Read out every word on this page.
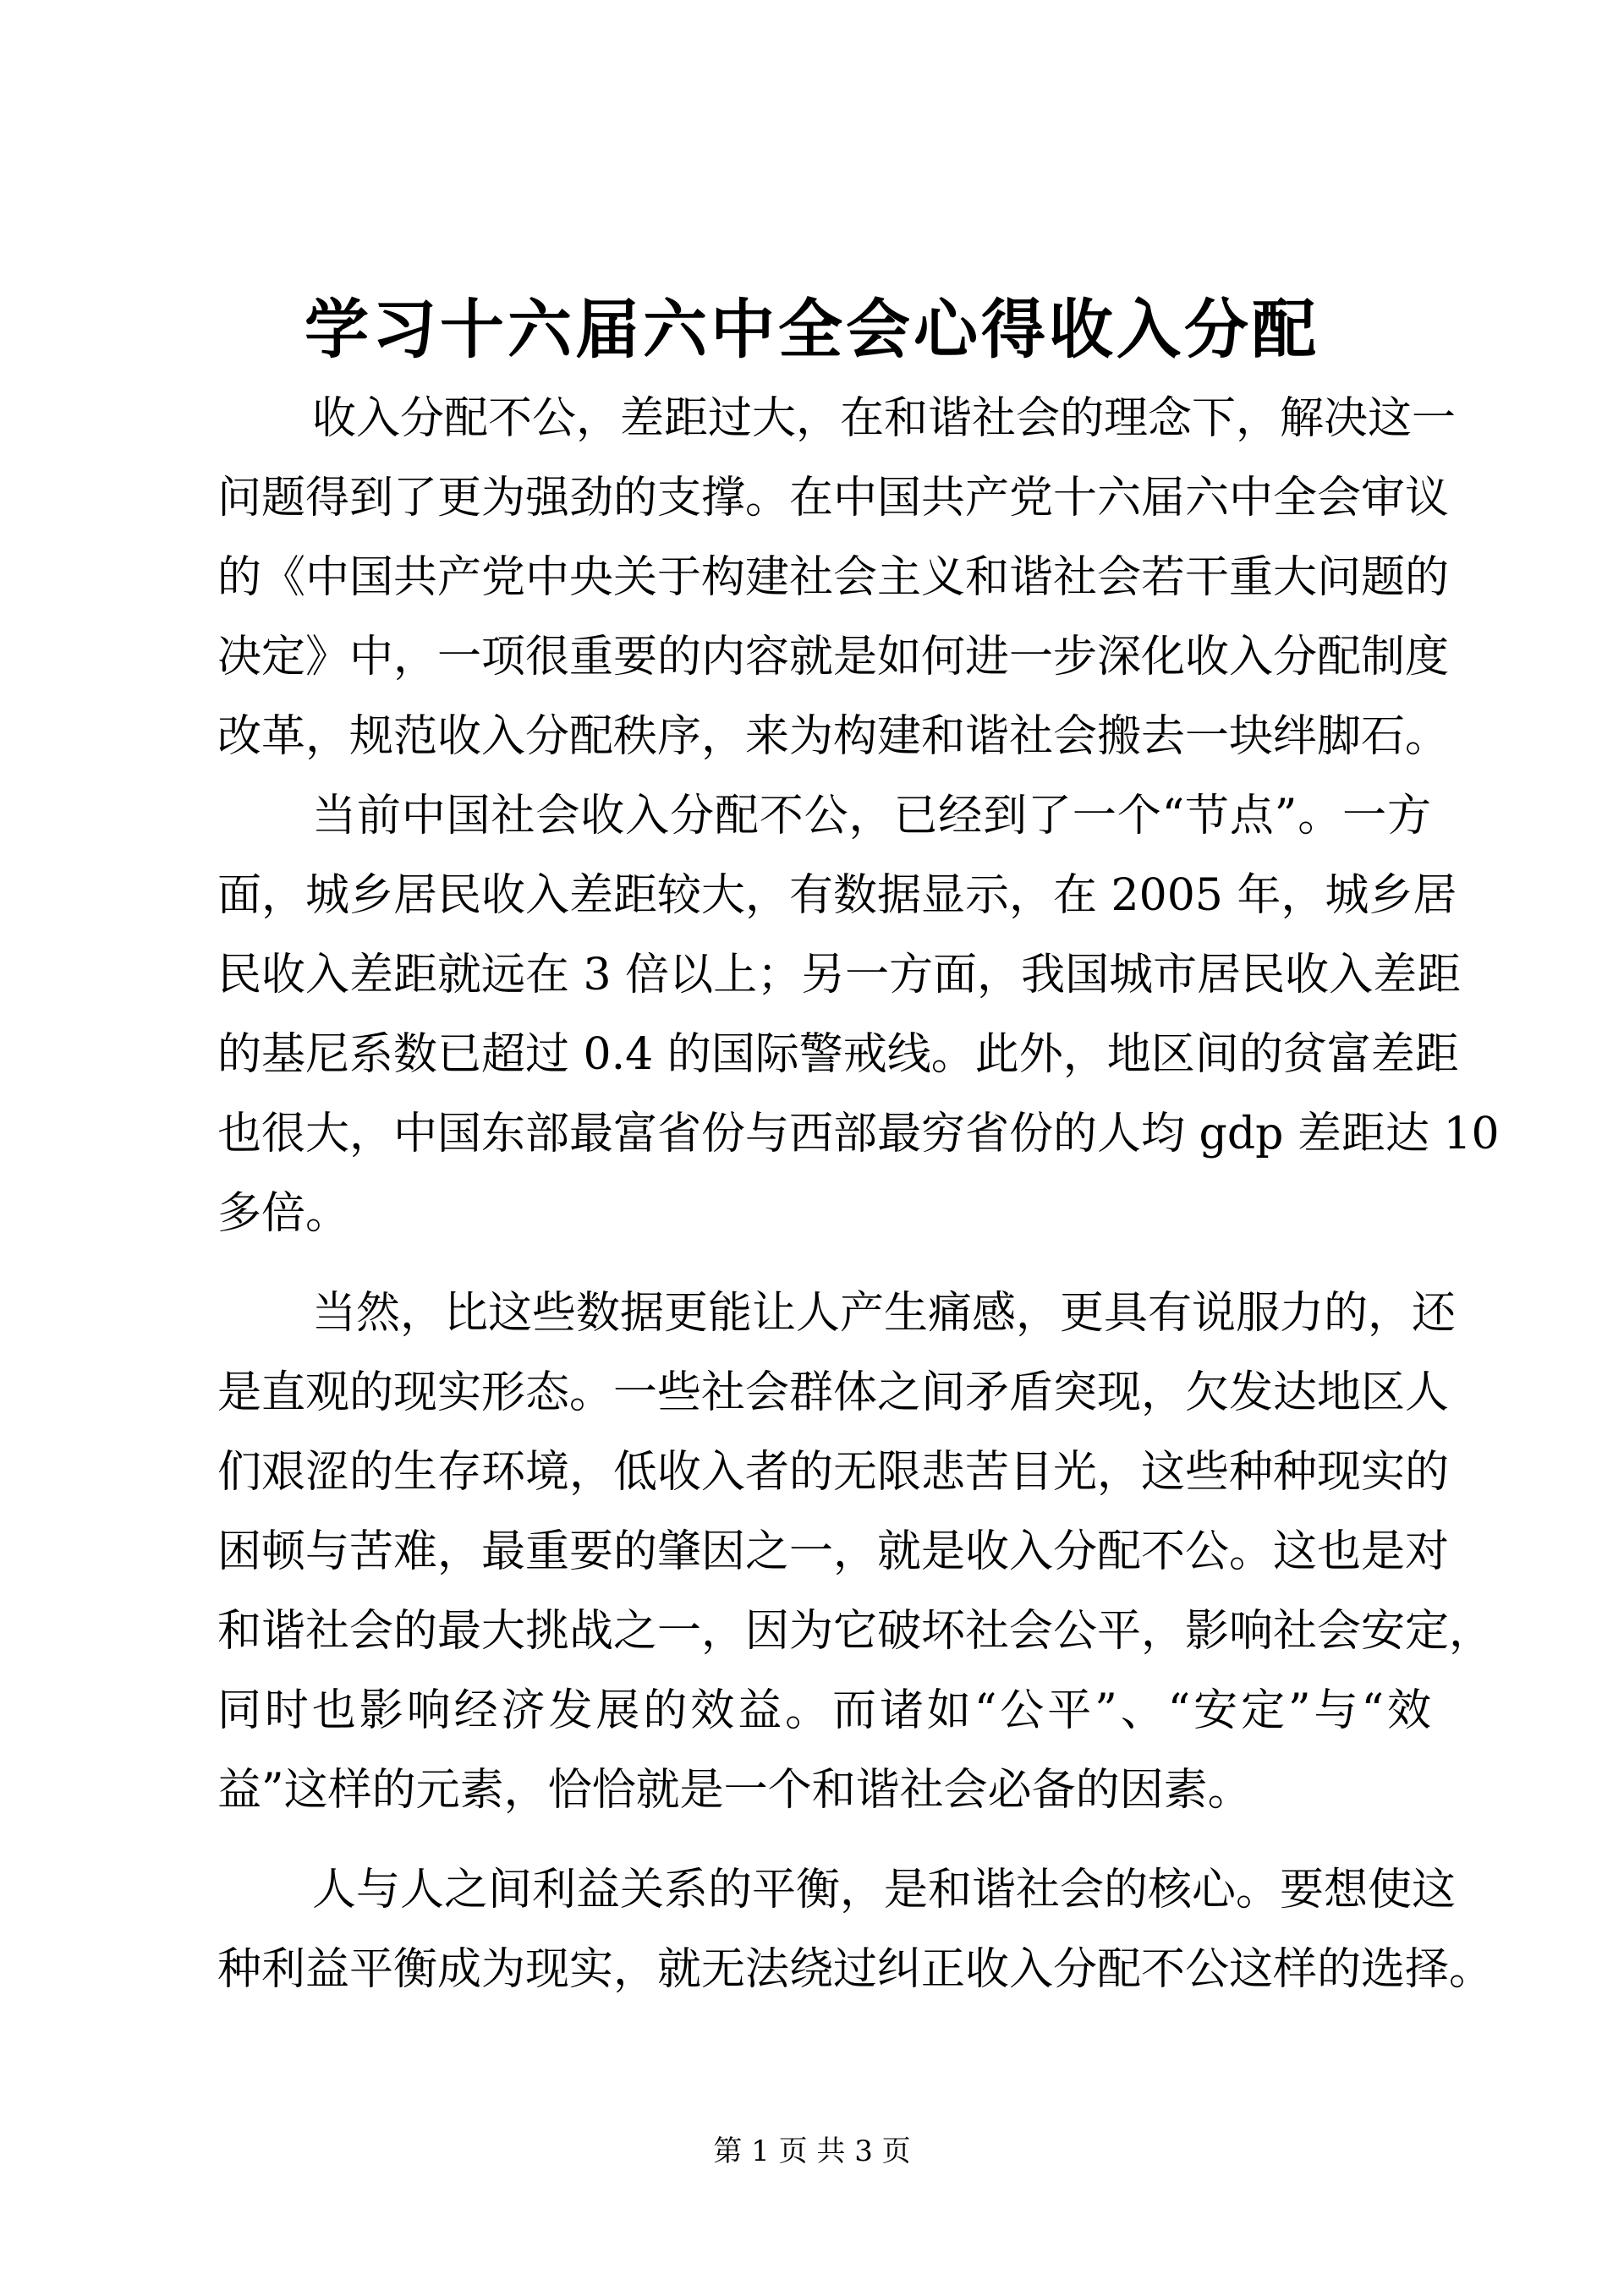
学习十六届六中全会心得收入分配
收入分配不公，差距过大，在和谐社会的理念下，解决这一
问题得到了更为强劲的支撑。在中国共产党十六届六中全会审议
的《中国共产党中央关于构建社会主义和谐社会若干重大问题的
决定》中，一项很重要的内容就是如何进一步深化收入分配制度
改革，规范收入分配秩序，来为构建和谐社会搬去一块绊脚石。
当前中国社会收入分配不公，已经到了一个“节点”。一方
面，城乡居民收入差距较大，有数据显示，在 2005 年，城乡居
民收入差距就远在 3 倍以上；另一方面，我国城市居民收入差距
的基尼系数已超过 0.4 的国际警戒线。此外，地区间的贫富差距
也很大，中国东部最富省份与西部最穷省份的人均 gdp 差距达 10
多倍。
当然，比这些数据更能让人产生痛感，更具有说服力的，还
是直观的现实形态。一些社会群体之间矛盾突现，欠发达地区人
们艰涩的生存环境，低收入者的无限悲苦目光，这些种种现实的
困顿与苦难，最重要的肇因之一，就是收入分配不公。这也是对
和谐社会的最大挑战之一，因为它破坏社会公平，影响社会安定，
同时也影响经济发展的效益。而诸如“公平”、“安定”与“效
益”这样的元素，恰恰就是一个和谐社会必备的因素。
人与人之间利益关系的平衡，是和谐社会的核心。要想使这
种利益平衡成为现实，就无法绕过纠正收入分配不公这样的选择。
第 1 页 共 3 页
